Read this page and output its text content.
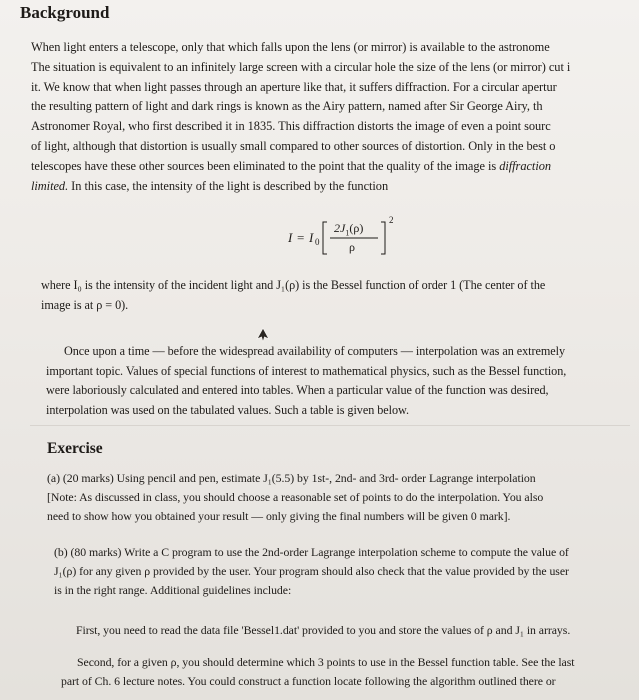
Background
When light enters a telescope, only that which falls upon the lens (or mirror) is available to the astronome
The situation is equivalent to an infinitely large screen with a circular hole the size of the lens (or mirror) cut i
it. We know that when light passes through an aperture like that, it suffers diffraction. For a circular apertur
the resulting pattern of light and dark rings is known as the Airy pattern, named after Sir George Airy, th
Astronomer Royal, who first described it in 1835. This diffraction distorts the image of even a point sourc
of light, although that distortion is usually small compared to other sources of distortion. Only in the best o
telescopes have these other sources been eliminated to the point that the quality of the image is diffraction
limited. In this case, the intensity of the light is described by the function
I = I 0
$2J_1(\rho)$
ρ
2
where I₀ is the intensity of the incident light and J₁(ρ) is the Bessel function of order 1 (The center of the
image is at ρ = 0).
Once upon a time — before the widespread availability of computers — interpolation was an extremely
important topic. Values of special functions of interest to mathematical physics, such as the Bessel function,
were laboriously calculated and entered into tables. When a particular value of the function was desired,
interpolation was used on the tabulated values. Such a table is given below.
Exercise
(a) (20 marks) Using pencil and pen, estimate J₁(5.5) by 1st-, 2nd- and 3rd- order Lagrange interpolation
[Note: As discussed in class, you should choose a reasonable set of points to do the interpolation. You also
need to show how you obtained your result — only giving the final numbers will be given 0 mark].
(b) (80 marks) Write a C program to use the 2nd-order Lagrange interpolation scheme to compute the value of
J₁(ρ) for any given ρ provided by the user. Your program should also check that the value provided by the user
is in the right range. Additional guidelines include:
First, you need to read the data file 'Bessel1.dat' provided to you and store the values of ρ and J₁ in arrays.
Second, for a given ρ, you should determine which 3 points to use in the Bessel function table. See the last
part of Ch. 6 lecture notes. You could construct a function locate following the algorithm outlined there or
